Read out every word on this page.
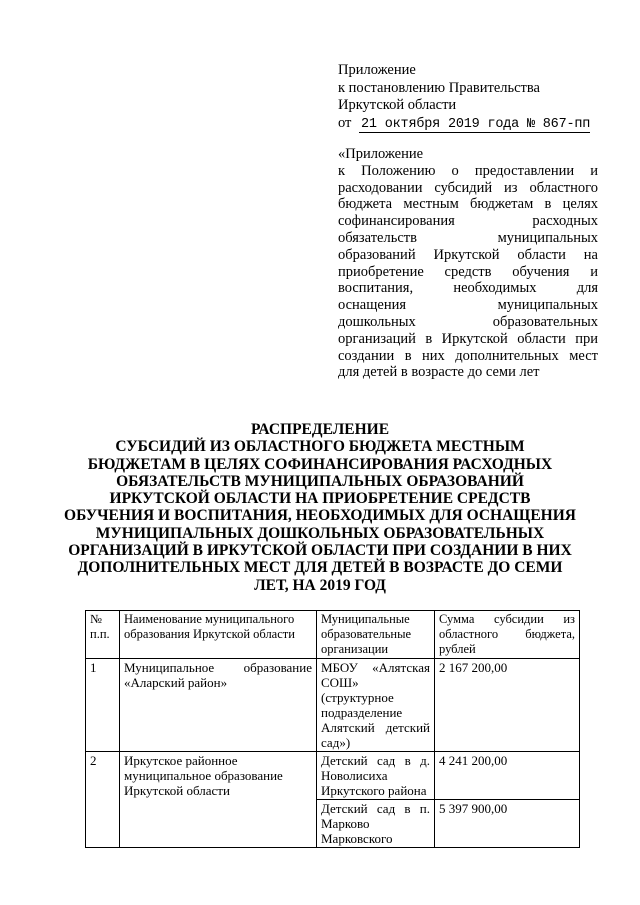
Приложение
к постановлению Правительства
Иркутской области
от 21 октября 2019 года № 867-пп
«Приложение
к Положению о предоставлении и
расходовании субсидий из областного
бюджета местным бюджетам в целях
софинансирования расходных
обязательств муниципальных
образований Иркутской области на
приобретение средств обучения и
воспитания, необходимых для
оснащения муниципальных
дошкольных образовательных
организаций в Иркутской области при
создании в них дополнительных мест
для детей в возрасте до семи лет
РАСПРЕДЕЛЕНИЕ
СУБСИДИЙ ИЗ ОБЛАСТНОГО БЮДЖЕТА МЕСТНЫМ
БЮДЖЕТАМ В ЦЕЛЯХ СОФИНАНСИРОВАНИЯ РАСХОДНЫХ
ОБЯЗАТЕЛЬСТВ МУНИЦИПАЛЬНЫХ ОБРАЗОВАНИЙ
ИРКУТСКОЙ ОБЛАСТИ НА ПРИОБРЕТЕНИЕ СРЕДСТВ
ОБУЧЕНИЯ И ВОСПИТАНИЯ, НЕОБХОДИМЫХ ДЛЯ ОСНАЩЕНИЯ
МУНИЦИПАЛЬНЫХ ДОШКОЛЬНЫХ ОБРАЗОВАТЕЛЬНЫХ
ОРГАНИЗАЦИЙ В ИРКУТСКОЙ ОБЛАСТИ ПРИ СОЗДАНИИ В НИХ
ДОПОЛНИТЕЛЬНЫХ МЕСТ ДЛЯ ДЕТЕЙ В ВОЗРАСТЕ ДО СЕМИ
ЛЕТ, НА 2019 ГОД
№ п.п.	Наименование муниципального образования Иркутской области	Муниципальные образовательные организации	Сумма субсидии из областного бюджета, рублей
1	Муниципальное образование «Аларский район»	МБОУ «Алятская СОШ» (структурное подразделение Алятский детский сад»)	2 167 200,00
2	Иркутское районное муниципальное образование Иркутской области	Детский сад в д. Новолисиха Иркутского района	4 241 200,00
		Детский сад в п. Марково Марковского	5 397 900,00
